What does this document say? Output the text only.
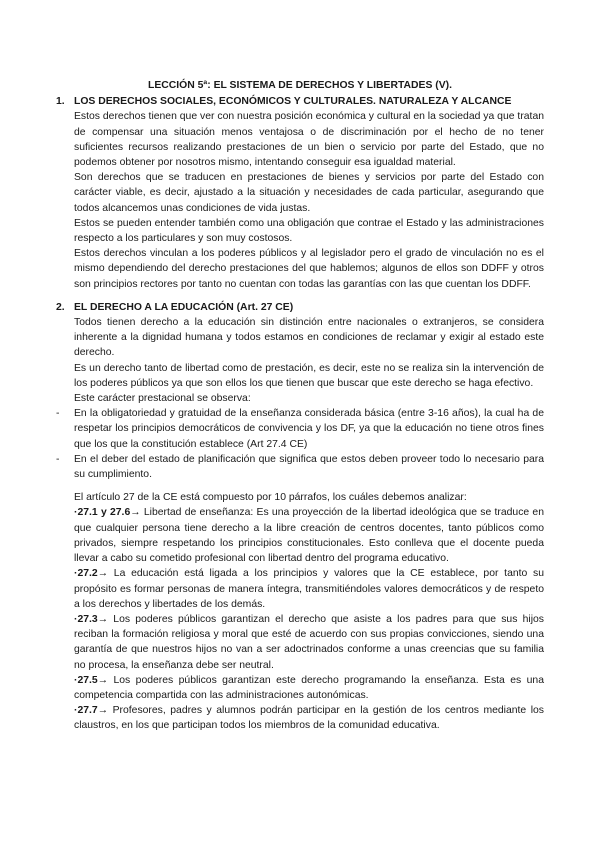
LECCIÓN 5ª: EL SISTEMA DE DERECHOS Y LIBERTADES (V).
1. LOS DERECHOS SOCIALES, ECONÓMICOS Y CULTURALES. NATURALEZA Y ALCANCE

Estos derechos tienen que ver con nuestra posición económica y cultural en la sociedad ya que tratan de compensar una situación menos ventajosa o de discriminación por el hecho de no tener suficientes recursos realizando prestaciones de un bien o servicio por parte del Estado, que no podemos obtener por nosotros mismo, intentando conseguir esa igualdad material.

Son derechos que se traducen en prestaciones de bienes y servicios por parte del Estado con carácter viable, es decir, ajustado a la situación y necesidades de cada particular, asegurando que todos alcancemos unas condiciones de vida justas.

Estos se pueden entender también como una obligación que contrae el Estado y las administraciones respecto a los particulares y son muy costosos.

Estos derechos vinculan a los poderes públicos y al legislador pero el grado de vinculación no es el mismo dependiendo del derecho prestaciones del que hablemos; algunos de ellos son DDFF y otros son principios rectores por tanto no cuentan con todas las garantías con las que cuentan los DDFF.

2. EL DERECHO A LA EDUCACIÓN (Art. 27 CE)

Todos tienen derecho a la educación sin distinción entre nacionales o extranjeros, se considera inherente a la dignidad humana y todos estamos en condiciones de reclamar y exigir al estado este derecho.

Es un derecho tanto de libertad como de prestación, es decir, este no se realiza sin la intervención de los poderes públicos ya que son ellos los que tienen que buscar que este derecho se haga efectivo.

Este carácter prestacional se observa:

- En la obligatoriedad y gratuidad de la enseñanza considerada básica (entre 3-16 años), la cual ha de respetar los principios democráticos de convivencia y los DF, ya que la educación no tiene otros fines que los que la constitución establece (Art 27.4 CE)

- En el deber del estado de planificación que significa que estos deben proveer todo lo necesario para su cumplimiento.

El artículo 27 de la CE está compuesto por 10 párrafos, los cuáles debemos analizar:

·27.1 y 27.6→ Libertad de enseñanza: Es una proyección de la libertad ideológica que se traduce en que cualquier persona tiene derecho a la libre creación de centros docentes, tanto públicos como privados, siempre respetando los principios constitucionales. Esto conlleva que el docente pueda llevar a cabo su cometido profesional con libertad dentro del programa educativo.

·27.2→ La educación está ligada a los principios y valores que la CE establece, por tanto su propósito es formar personas de manera íntegra, transmitiéndoles valores democráticos y de respeto a los derechos y libertades de los demás.

·27.3→ Los poderes públicos garantizan el derecho que asiste a los padres para que sus hijos reciban la formación religiosa y moral que esté de acuerdo con sus propias convicciones, siendo una garantía de que nuestros hijos no van a ser adoctrinados conforme a unas creencias que su familia no procesa, la enseñanza debe ser neutral.

·27.5→ Los poderes públicos garantizan este derecho programando la enseñanza. Esta es una competencia compartida con las administraciones autonómicas.

·27.7→ Profesores, padres y alumnos podrán participar en la gestión de los centros mediante los claustros, en los que participan todos los miembros de la comunidad educativa.
